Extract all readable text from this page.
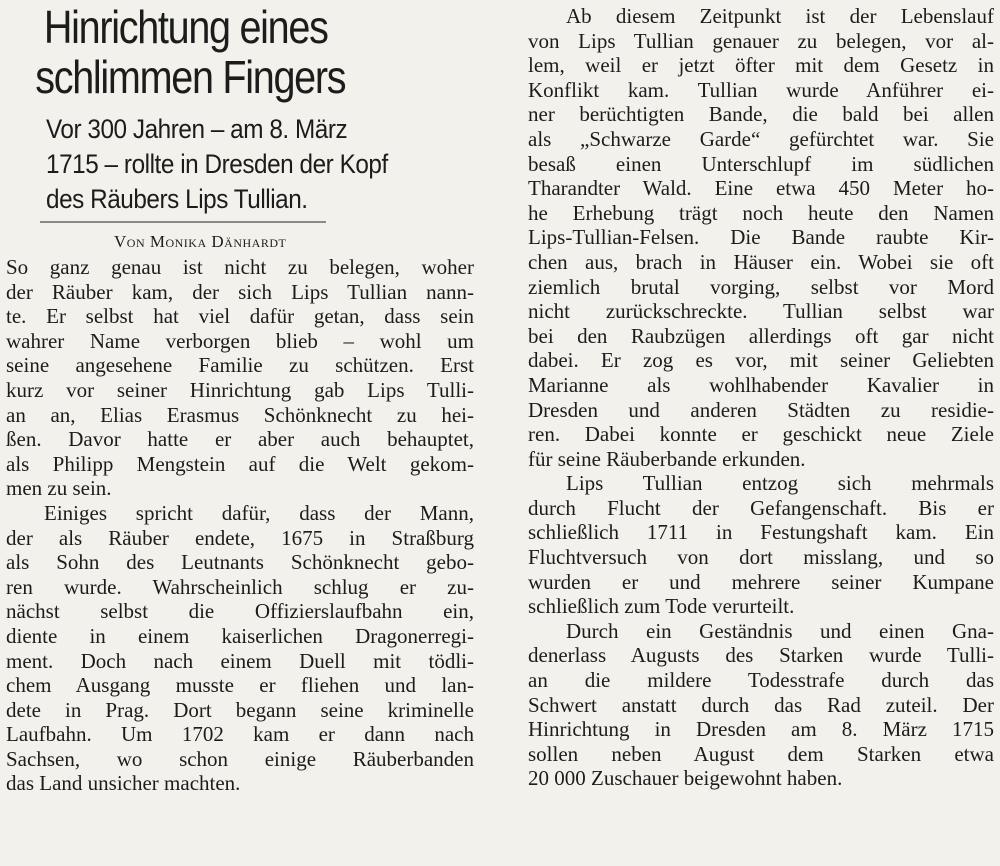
Hinrichtung eines
schlimmen Fingers
Vor 300 Jahren – am 8. März
1715 – rollte in Dresden der Kopf
des Räubers Lips Tullian.
Von Monika Dänhardt

So ganz genau ist nicht zu belegen, woher
der Räuber kam, der sich Lips Tullian nann-
te. Er selbst hat viel dafür getan, dass sein
wahrer Name verborgen blieb – wohl um
seine angesehene Familie zu schützen. Erst
kurz vor seiner Hinrichtung gab Lips Tulli-
an an, Elias Erasmus Schönknecht zu hei-
ßen. Davor hatte er aber auch behauptet,
als Philipp Mengstein auf die Welt gekom-
men zu sein.

Einiges spricht dafür, dass der Mann,
der als Räuber endete, 1675 in Straßburg
als Sohn des Leutnants Schönknecht gebo-
ren wurde. Wahrscheinlich schlug er zu-
nächst selbst die Offizierslaufbahn ein,
diente in einem kaiserlichen Dragonerregi-
ment. Doch nach einem Duell mit tödli-
chem Ausgang musste er fliehen und lan-
dete in Prag. Dort begann seine kriminelle
Laufbahn. Um 1702 kam er dann nach
Sachsen, wo schon einige Räuberbanden
das Land unsicher machten.

Ab diesem Zeitpunkt ist der Lebenslauf
von Lips Tullian genauer zu belegen, vor al-
lem, weil er jetzt öfter mit dem Gesetz in
Konflikt kam. Tullian wurde Anführer ei-
ner berüchtigten Bande, die bald bei allen
als „Schwarze Garde“ gefürchtet war. Sie
besaß einen Unterschlupf im südlichen
Tharandter Wald. Eine etwa 450 Meter ho-
he Erhebung trägt noch heute den Namen
Lips-Tullian-Felsen. Die Bande raubte Kir-
chen aus, brach in Häuser ein. Wobei sie oft
ziemlich brutal vorging, selbst vor Mord
nicht zurückschreckte. Tullian selbst war
bei den Raubzügen allerdings oft gar nicht
dabei. Er zog es vor, mit seiner Geliebten
Marianne als wohlhabender Kavalier in
Dresden und anderen Städten zu residie-
ren. Dabei konnte er geschickt neue Ziele
für seine Räuberbande erkunden.

Lips Tullian entzog sich mehrmals
durch Flucht der Gefangenschaft. Bis er
schließlich 1711 in Festungshaft kam. Ein
Fluchtversuch von dort misslang, und so
wurden er und mehrere seiner Kumpane
schließlich zum Tode verurteilt.

Durch ein Geständnis und einen Gna-
denerlass Augusts des Starken wurde Tulli-
an die mildere Todesstrafe durch das
Schwert anstatt durch das Rad zuteil. Der
Hinrichtung in Dresden am 8. März 1715
sollen neben August dem Starken etwa
20 000 Zuschauer beigewohnt haben.
